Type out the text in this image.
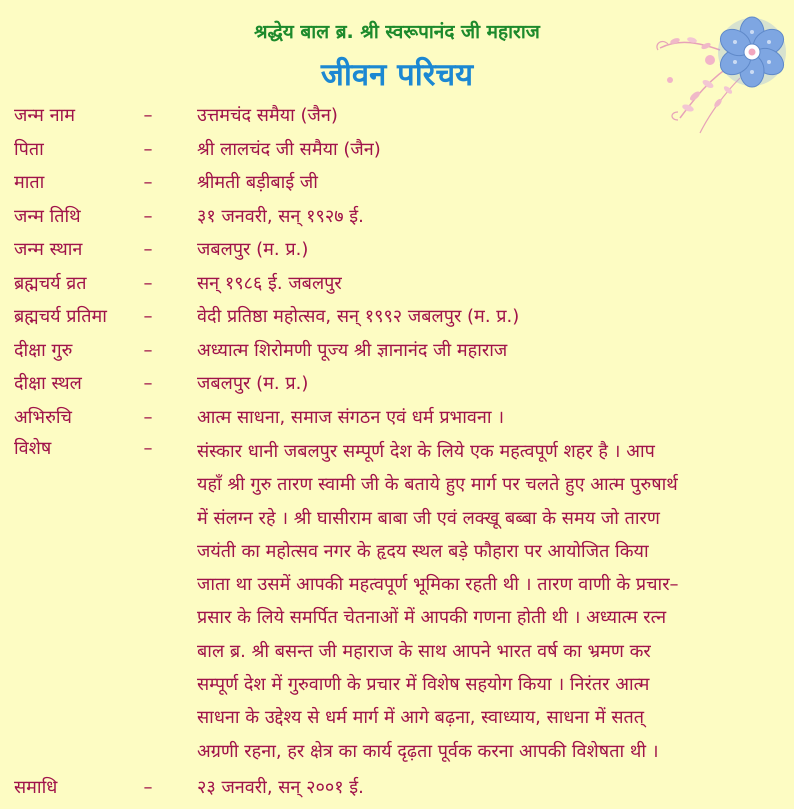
श्रद्धेय बाल ब्र. श्री स्वरूपानंद जी महाराज
जीवन परिचय
जन्म नाम	– उत्तमचंद समैया (जैन)
पिता	– श्री लालचंद जी समैया (जैन)
माता	– श्रीमती बड़ीबाई जी
जन्म तिथि	– ३१ जनवरी, सन् १९२७ ई.
जन्म स्थान	– जबलपुर (म. प्र.)
ब्रह्मचर्य व्रत	– सन् १९८६ ई. जबलपुर
ब्रह्मचर्य प्रतिमा	– वेदी प्रतिष्ठा महोत्सव, सन् १९९२ जबलपुर (म. प्र.)
दीक्षा गुरु	– अध्यात्म शिरोमणी पूज्य श्री ज्ञानानंद जी महाराज
दीक्षा स्थल	– जबलपुर (म. प्र.)
अभिरुचि	– आत्म साधना, समाज संगठन एवं धर्म प्रभावना ।
विशेष	– संस्कार धानी जबलपुर सम्पूर्ण देश के लिये एक महत्वपूर्ण शहर है । आप
यहाँ श्री गुरु तारण स्वामी जी के बताये हुए मार्ग पर चलते हुए आत्म पुरुषार्थ
में संलग्न रहे । श्री घासीराम बाबा जी एवं लक्खू बब्बा के समय जो तारण
जयंती का महोत्सव नगर के हृदय स्थल बड़े फौहारा पर आयोजित किया
जाता था उसमें आपकी महत्वपूर्ण भूमिका रहती थी । तारण वाणी के प्रचार–
प्रसार के लिये समर्पित चेतनाओं में आपकी गणना होती थी । अध्यात्म रत्न
बाल ब्र. श्री बसन्त जी महाराज के साथ आपने भारत वर्ष का भ्रमण कर
सम्पूर्ण देश में गुरुवाणी के प्रचार में विशेष सहयोग किया । निरंतर आत्म
साधना के उद्देश्य से धर्म मार्ग में आगे बढ़ना, स्वाध्याय, साधना में सतत्
अग्रणी रहना, हर क्षेत्र का कार्य दृढ़ता पूर्वक करना आपकी विशेषता थी ।
समाधि	– २३ जनवरी, सन् २००१ ई.
